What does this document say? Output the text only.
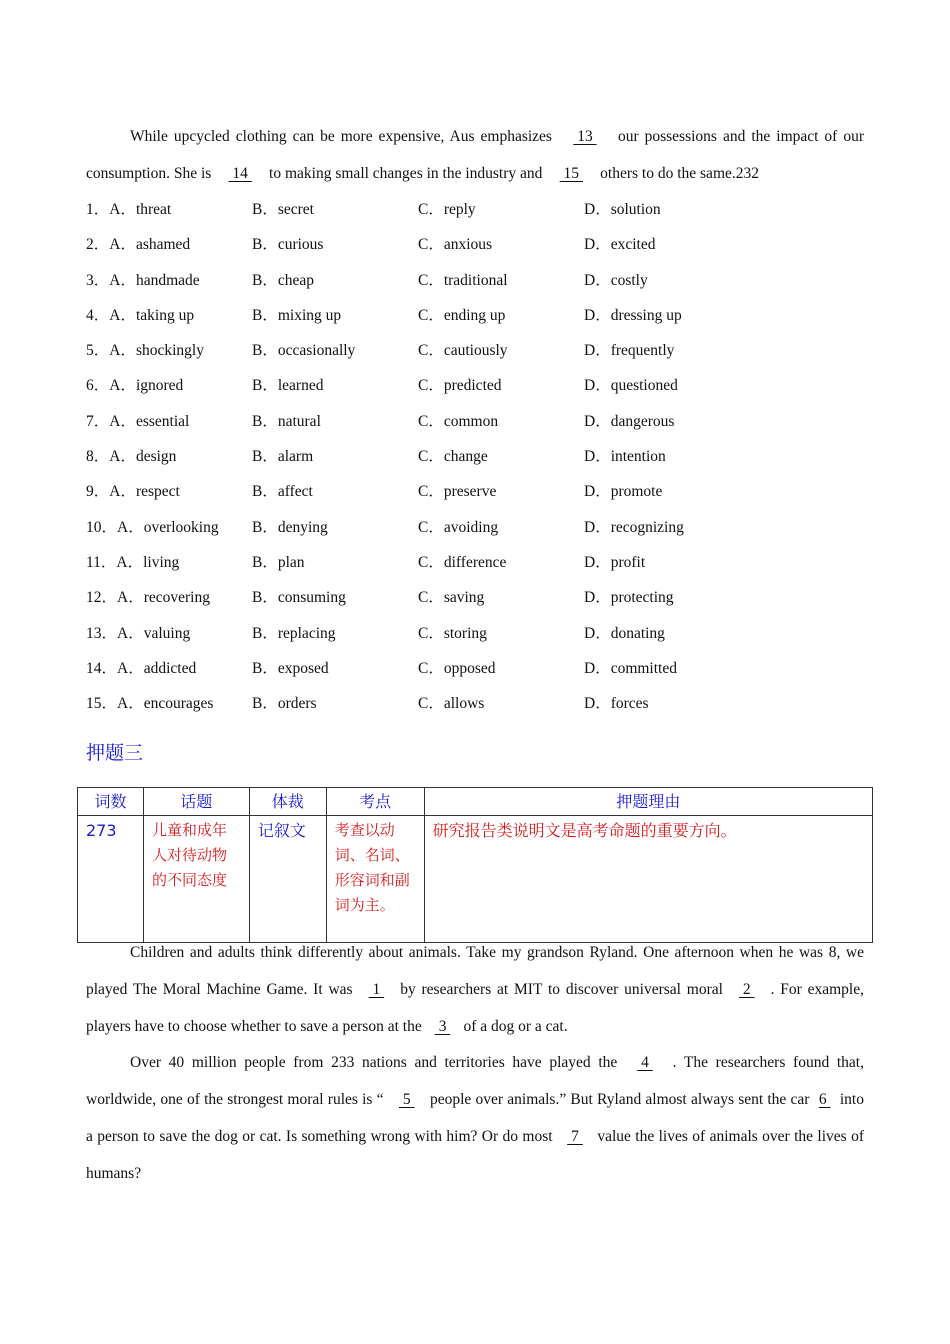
While upcycled clothing can be more expensive, Aus emphasizes  13  our possessions and the impact of our consumption. She is  14  to making small changes in the industry and  15  others to do the same.232
1．A．threat	B．secret	C．reply	D．solution
2．A．ashamed	B．curious	C．anxious	D．excited
3．A．handmade	B．cheap	C．traditional	D．costly
4．A．taking up	B．mixing up	C．ending up	D．dressing up
5．A．shockingly	B．occasionally	C．cautiously	D．frequently
6．A．ignored	B．learned	C．predicted	D．questioned
7．A．essential	B．natural	C．common	D．dangerous
8．A．design	B．alarm	C．change	D．intention
9．A．respect	B．affect	C．preserve	D．promote
10．A．overlooking B．denying	C．avoiding	D．recognizing
11．A．living	B．plan	C．difference	D．profit
12．A．recovering	B．consuming	C．saving	D．protecting
13．A．valuing	B．replacing	C．storing	D．donating
14．A．addicted	B．exposed	C．opposed	D．committed
15．A．encourages B．orders	C．allows	D．forces
押题三
词数	话题	体裁	考点	押题理由
273	儿童和成年人对待动物的不同态度	记叙文	考查以动词、名词、形容词和副词为主。	研究报告类说明文是高考命题的重要方向。
Children and adults think differently about animals. Take my grandson Ryland. One afternoon when he was 8, we played The Moral Machine Game. It was  1  by researchers at MIT to discover universal moral  2  . For example, players have to choose whether to save a person at the  3  of a dog or a cat.
Over 40 million people from 233 nations and territories have played the  4  . The researchers found that, worldwide, one of the strongest moral rules is “  5  people over animals.” But Ryland almost always sent the car 6  into a person to save the dog or cat. Is something wrong with him? Or do most  7  value the lives of animals over the lives of humans?
